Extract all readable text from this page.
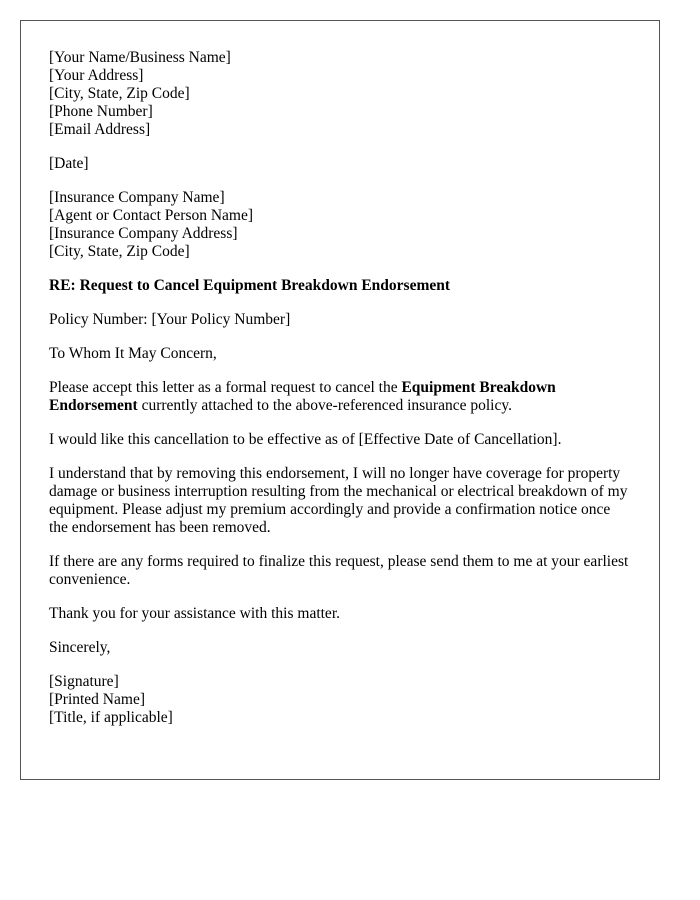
[Your Name/Business Name]
[Your Address]
[City, State, Zip Code]
[Phone Number]
[Email Address]
[Date]
[Insurance Company Name]
[Agent or Contact Person Name]
[Insurance Company Address]
[City, State, Zip Code]

RE: Request to Cancel Equipment Breakdown Endorsement

Policy Number: [Your Policy Number]

To Whom It May Concern,

Please accept this letter as a formal request to cancel the Equipment Breakdown Endorsement currently attached to the above-referenced insurance policy.

I would like this cancellation to be effective as of [Effective Date of Cancellation].

I understand that by removing this endorsement, I will no longer have coverage for property damage or business interruption resulting from the mechanical or electrical breakdown of my equipment. Please adjust my premium accordingly and provide a confirmation notice once the endorsement has been removed.

If there are any forms required to finalize this request, please send them to me at your earliest convenience.

Thank you for your assistance with this matter.

Sincerely,

[Signature]
[Printed Name]
[Title, if applicable]
